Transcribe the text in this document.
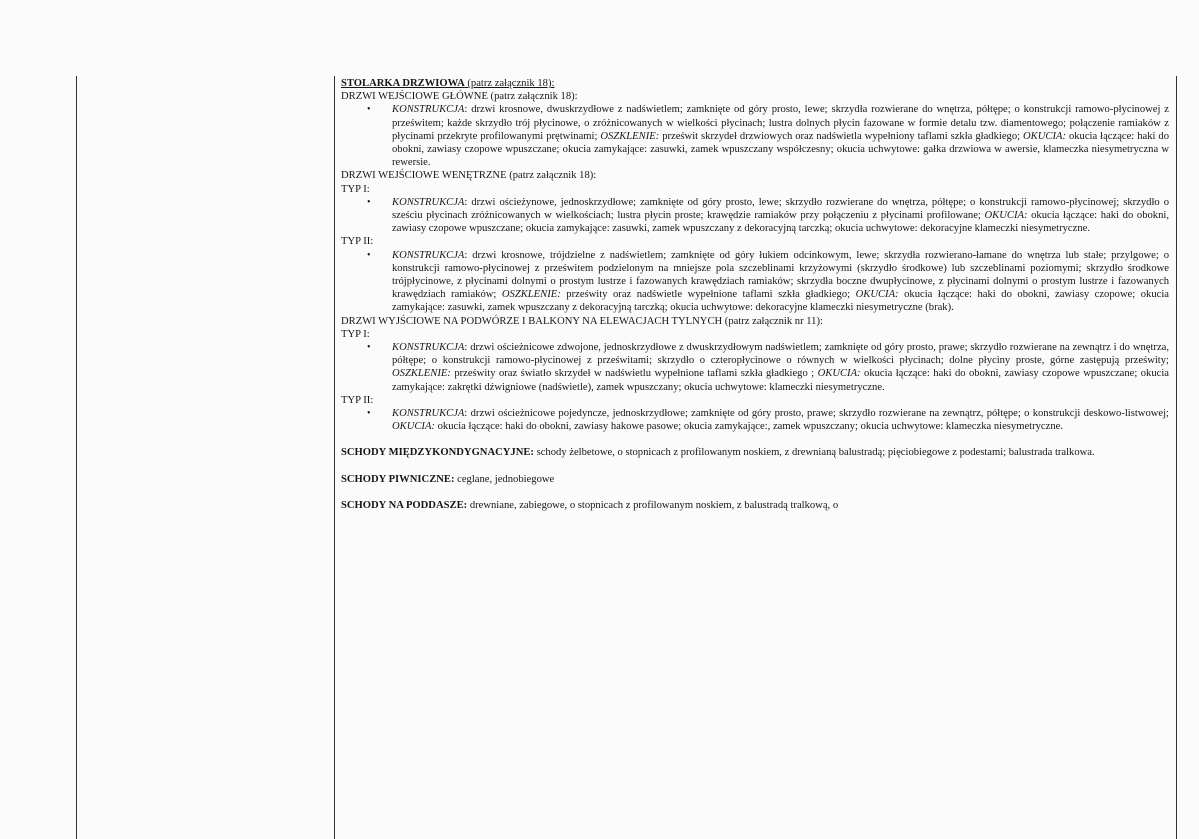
STOLARKA DRZWIOWA (patrz załącznik 18):

DRZWI WEJŚCIOWE GŁÓWNE (patrz załącznik 18):

• KONSTRUKCJA: drzwi krosnowe, dwuskrzydłowe z nadświetlem; zamknięte od góry prosto, lewe; skrzydła rozwierane do wnętrza, półtępe; o konstrukcji ramowo-płycinowej z prześwitem; każde skrzydło trój płycinowe, o zróżnicowanych w wielkości płycinach; lustra dolnych płycin fazowane w formie detalu tzw. diamentowego; połączenie ramiaków z płycinami przekryte profilowanymi prętwinami; OSZKLENIE: prześwit skrzydeł drzwiowych oraz nadświetla wypełniony taflami szkła gładkiego; OKUCIA: okucia łączące: haki do obokni, zawiasy czopowe wpuszczane; okucia zamykające: zasuwki, zamek wpuszczany współczesny; okucia uchwytowe: gałka drzwiowa w awersie, klameczka niesymetryczna w rewersie.

DRZWI WEJŚCIOWE WENĘTRZNE (patrz załącznik 18):

TYP I:

• KONSTRUKCJA: drzwi ościeżynowe, jednoskrzydłowe; zamknięte od góry prosto, lewe; skrzydło rozwierane do wnętrza, półtępe; o konstrukcji ramowo-płycinowej; skrzydło o sześciu płycinach zróżnicowanych w wielkościach; lustra płycin proste; krawędzie ramiaków przy połączeniu z płycinami profilowane; OKUCIA: okucia łączące: haki do obokni, zawiasy czopowe wpuszczane; okucia zamykające: zasuwki, zamek wpuszczany z dekoracyjną tarczką; okucia uchwytowe: dekoracyjne klameczki niesymetryczne.

TYP II:

• KONSTRUKCJA: drzwi krosnowe, trójdzielne z nadświetlem; zamknięte od góry łukiem odcinkowym, lewe; skrzydła rozwierano-łamane do wnętrza lub stałe; przylgowe; o konstrukcji ramowo-płycinowej z prześwitem podzielonym na mniejsze pola szczeblinami krzyżowymi (skrzydło środkowe) lub szczeblinami poziomymi; skrzydło środkowe trójpłycinowe, z płycinami dolnymi o prostym lustrze i fazowanych krawędziach ramiaków; skrzydła boczne dwupłycinowe, z płycinami dolnymi o prostym lustrze i fazowanych krawędziach ramiaków; OSZKLENIE: prześwity oraz nadświetle wypełnione taflami szkła gładkiego; OKUCIA: okucia łączące: haki do obokni, zawiasy czopowe; okucia zamykające: zasuwki, zamek wpuszczany z dekoracyjną tarczką; okucia uchwytowe: dekoracyjne klameczki niesymetryczne (brak).

DRZWI WYJŚCIOWE NA PODWÓRZE I BALKONY NA ELEWACJACH TYLNYCH (patrz załącznik nr 11):

TYP I:

• KONSTRUKCJA: drzwi ościeżnicowe zdwojone, jednoskrzydłowe z dwuskrzydłowym nadświetlem; zamknięte od góry prosto, prawe; skrzydło rozwierane na zewnątrz i do wnętrza, półtępe; o konstrukcji ramowo-płycinowej z prześwitami; skrzydło o czteropłycinowe o równych w wielkości płycinach; dolne płyciny proste, górne zastępują prześwity; OSZKLENIE: prześwity oraz światło skrzydeł w nadświetlu wypełnione taflami szkła gładkiego ; OKUCIA: okucia łączące: haki do obokni, zawiasy czopowe wpuszczane; okucia zamykające: zakrętki dźwigniowe (nadświetle), zamek wpuszczany; okucia uchwytowe: klameczki niesymetryczne.

TYP II:

• KONSTRUKCJA: drzwi ościeżnicowe pojedyncze, jednoskrzydłowe; zamknięte od góry prosto, prawe; skrzydło rozwierane na zewnątrz, półtępe; o konstrukcji deskowo-listwowej; OKUCIA: okucia łączące: haki do obokni, zawiasy hakowe pasowe; okucia zamykające:, zamek wpuszczany; okucia uchwytowe: klameczka niesymetryczne.

SCHODY MIĘDZYKONDYGNACYJNE: schody żelbetowe, o stopnicach z profilowanym noskiem, z drewnianą balustradą; pięciobiegowe z podestami; balustrada tralkowa.

SCHODY PIWNICZNE: ceglane, jednobiegowe

SCHODY NA PODDASZE: drewniane, zabiegowe, o stopnicach z profilowanym noskiem, z balustradą tralkową, o
